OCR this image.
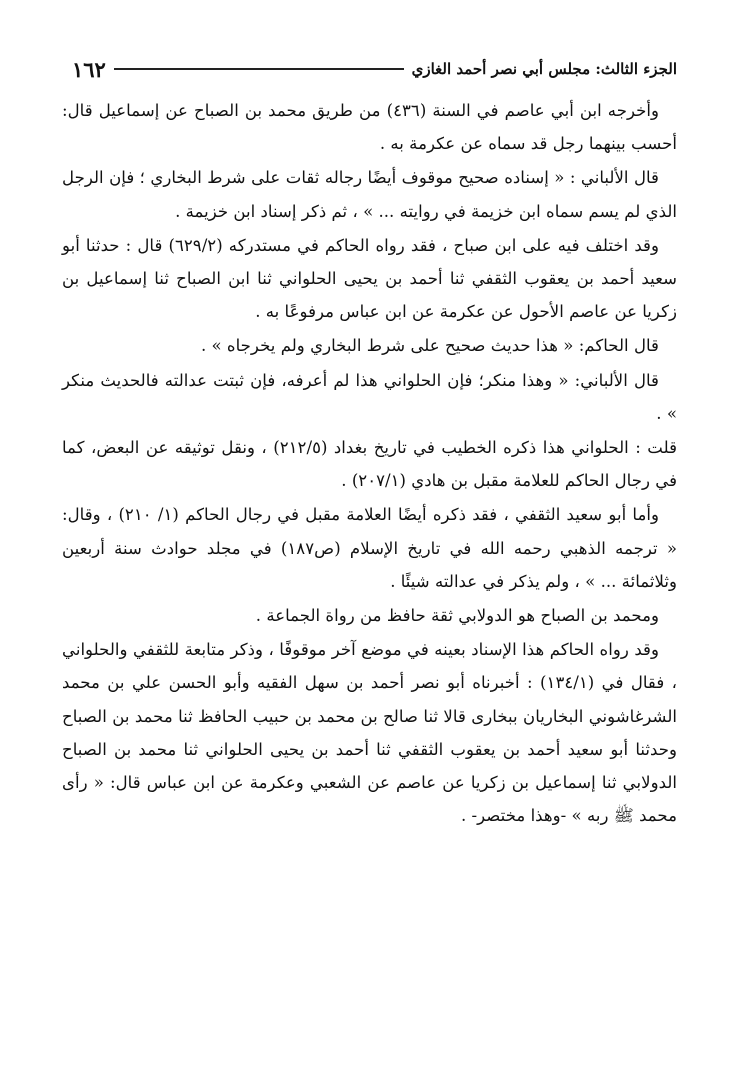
١٦٢	الجزء الثالث: مجلس أبي نصر أحمد الغازي

وأخرجه ابن أبي عاصم في السنة (٤٣٦) من طريق محمد بن الصباح عن إسماعيل قال: أحسب بينهما رجل قد سماه عن عكرمة به .

قال الألباني : « إسناده صحيح موقوف أيضًا رجاله ثقات على شرط البخاري ؛ فإن الرجل الذي لم يسم سماه ابن خزيمة في روايته ... » ، ثم ذكر إسناد ابن خزيمة .

وقد اختلف فيه على ابن صباح ، فقد رواه الحاكم في مستدركه (٦٢٩/٢) قال : حدثنا أبو سعيد أحمد بن يعقوب الثقفي ثنا أحمد بن يحيى الحلواني ثنا ابن الصباح ثنا إسماعيل بن زكريا عن عاصم الأحول عن عكرمة عن ابن عباس مرفوعًا به .

قال الحاكم: « هذا حديث صحيح على شرط البخاري ولم يخرجاه » .

قال الألباني: « وهذا منكر؛ فإن الحلواني هذا لم أعرفه، فإن ثبتت عدالته فالحديث منكر » .

قلت : الحلواني هذا ذكره الخطيب في تاريخ بغداد (٢١٢/٥) ، ونقل توثيقه عن البعض، كما في رجال الحاكم للعلامة مقبل بن هادي (٢٠٧/١) .

وأما أبو سعيد الثقفي ، فقد ذكره أيضًا العلامة مقبل في رجال الحاكم (١/ ٢١٠) ، وقال: « ترجمه الذهبي رحمه الله في تاريخ الإسلام (ص١٨٧) في مجلد حوادث سنة أربعين وثلاثمائة ... » ، ولم يذكر في عدالته شيئًا .

ومحمد بن الصباح هو الدولابي ثقة حافظ من رواة الجماعة .

وقد رواه الحاكم هذا الإسناد بعينه في موضع آخر موقوفًا ، وذكر متابعة للثقفي والحلواني ، فقال في (١٣٤/١) : أخبرناه أبو نصر أحمد بن سهل الفقيه وأبو الحسن علي بن محمد الشرغاشوني البخاريان ببخارى قالا ثنا صالح بن محمد بن حبيب الحافظ ثنا محمد بن الصباح وحدثنا أبو سعيد أحمد بن يعقوب الثقفي ثنا أحمد بن يحيى الحلواني ثنا محمد بن الصباح الدولابي ثنا إسماعيل بن زكريا عن عاصم عن الشعبي وعكرمة عن ابن عباس قال: « رأى محمد ﷺ ربه » -وهذا مختصر- .
